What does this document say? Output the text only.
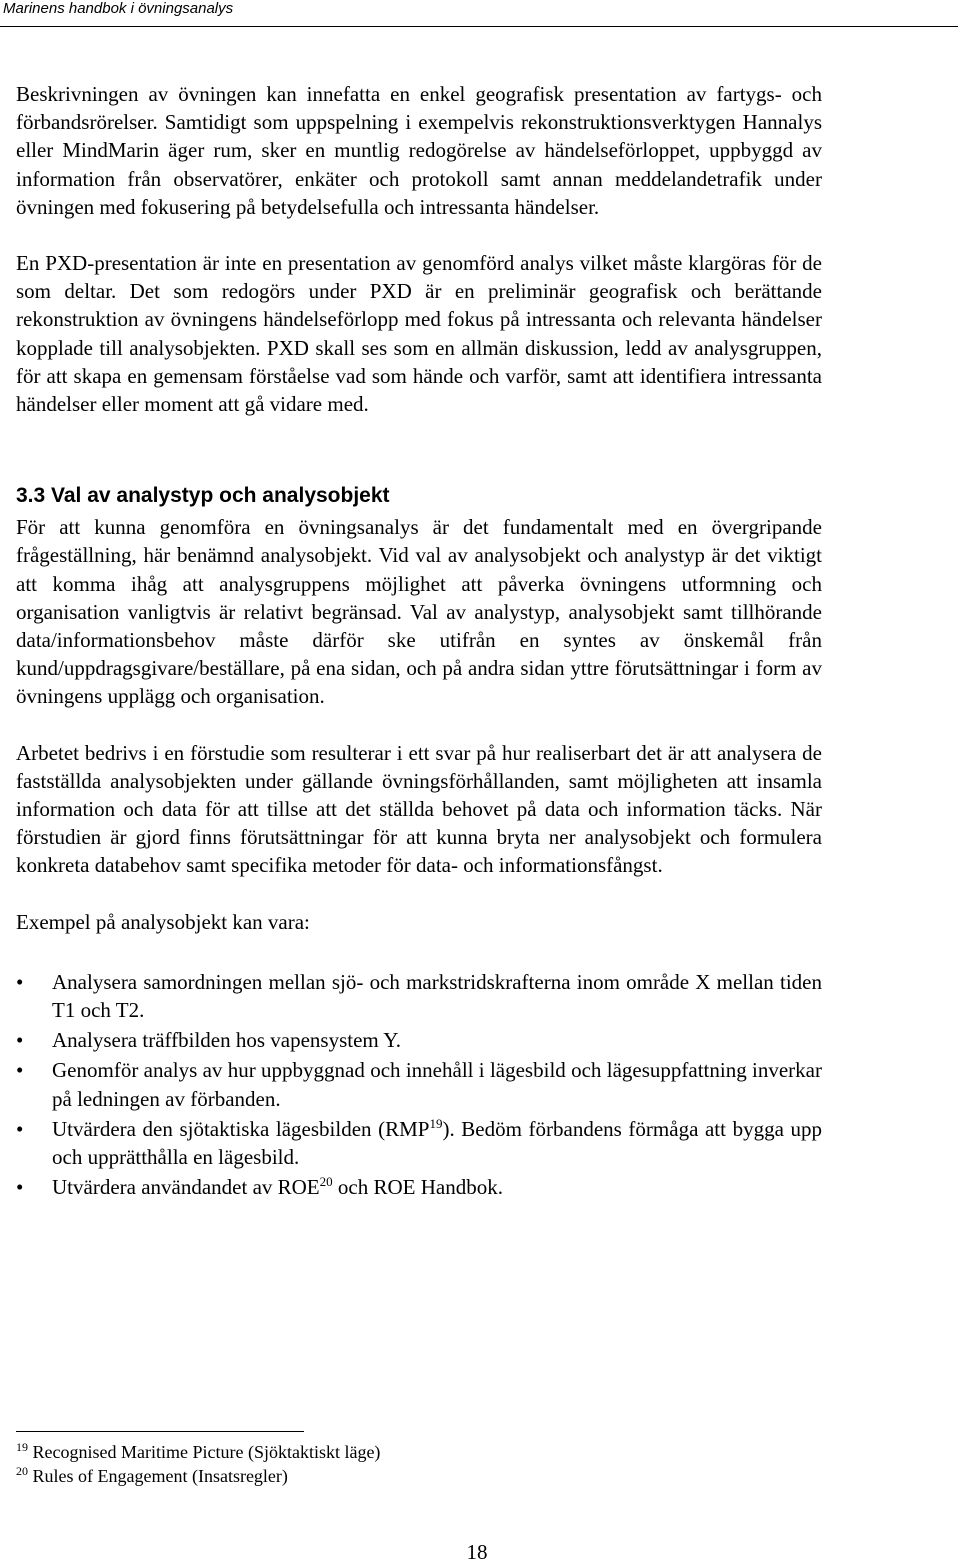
Marinens handbok i övningsanalys

Beskrivningen av övningen kan innefatta en enkel geografisk presentation av fartygs- och förbandsrörelser. Samtidigt som uppspelning i exempelvis rekonstruktionsverktygen Hannalys eller MindMarin äger rum, sker en muntlig redogörelse av händelseförloppet, uppbyggd av information från observatörer, enkäter och protokoll samt annan meddelandetrafik under övningen med fokusering på betydelsefulla och intressanta händelser.

En PXD-presentation är inte en presentation av genomförd analys vilket måste klargöras för de som deltar. Det som redogörs under PXD är en preliminär geografisk och berättande rekonstruktion av övningens händelseförlopp med fokus på intressanta och relevanta händelser kopplade till analysobjekten. PXD skall ses som en allmän diskussion, ledd av analysgruppen, för att skapa en gemensam förståelse vad som hände och varför, samt att identifiera intressanta händelser eller moment att gå vidare med.

3.3 Val av analystyp och analysobjekt

För att kunna genomföra en övningsanalys är det fundamentalt med en övergripande frågeställning, här benämnd analysobjekt. Vid val av analysobjekt och analystyp är det viktigt att komma ihåg att analysgruppens möjlighet att påverka övningens utformning och organisation vanligtvis är relativt begränsad. Val av analystyp, analysobjekt samt tillhörande data/informationsbehov måste därför ske utifrån en syntes av önskemål från kund/uppdragsgivare/beställare, på ena sidan, och på andra sidan yttre förutsättningar i form av övningens upplägg och organisation.

Arbetet bedrivs i en förstudie som resulterar i ett svar på hur realiserbart det är att analysera de fastställda analysobjekten under gällande övningsförhållanden, samt möjligheten att insamla information och data för att tillse att det ställda behovet på data och information täcks. När förstudien är gjord finns förutsättningar för att kunna bryta ner analysobjekt och formulera konkreta databehov samt specifika metoder för data- och informationsfångst.

Exempel på analysobjekt kan vara:

• Analysera samordningen mellan sjö- och markstridskrafterna inom område X mellan tiden T1 och T2.
• Analysera träffbilden hos vapensystem Y.
• Genomför analys av hur uppbyggnad och innehåll i lägesbild och lägesuppfattning inverkar på ledningen av förbanden.
• Utvärdera den sjötaktiska lägesbilden (RMP$^{19}$). Bedöm förbandens förmåga att bygga upp och upprätthålla en lägesbild.
• Utvärdera användandet av ROE$^{20}$ och ROE Handbok.
$^{19}$ Recognised Maritime Picture (Sjöktaktiskt läge)
$^{20}$ Rules of Engagement (Insatsregler)
18
